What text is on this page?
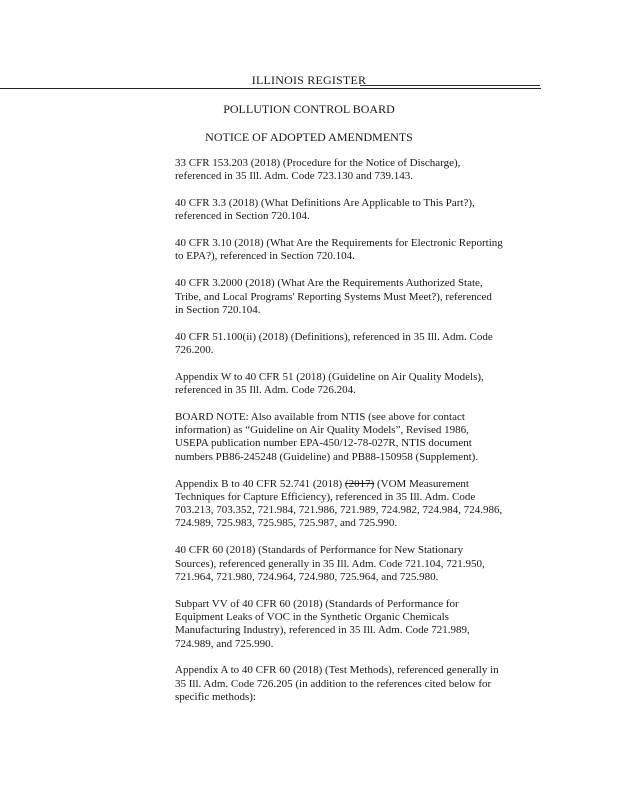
ILLINOIS REGISTER
POLLUTION CONTROL BOARD
NOTICE OF ADOPTED AMENDMENTS

33 CFR 153.203 (2018) (Procedure for the Notice of Discharge),
referenced in 35 Ill. Adm. Code 723.130 and 739.143.

40 CFR 3.3 (2018) (What Definitions Are Applicable to This Part?),
referenced in Section 720.104.

40 CFR 3.10 (2018) (What Are the Requirements for Electronic Reporting
to EPA?), referenced in Section 720.104.

40 CFR 3.2000 (2018) (What Are the Requirements Authorized State,
Tribe, and Local Programs' Reporting Systems Must Meet?), referenced
in Section 720.104.

40 CFR 51.100(ii) (2018) (Definitions), referenced in 35 Ill. Adm. Code
726.200.

Appendix W to 40 CFR 51 (2018) (Guideline on Air Quality Models),
referenced in 35 Ill. Adm. Code 726.204.

BOARD NOTE: Also available from NTIS (see above for contact
information) as “Guideline on Air Quality Models”, Revised 1986,
USEPA publication number EPA-450/12-78-027R, NTIS document
numbers PB86-245248 (Guideline) and PB88-150958 (Supplement).

Appendix B to 40 CFR 52.741 (2018) (2017) (VOM Measurement
Techniques for Capture Efficiency), referenced in 35 Ill. Adm. Code
703.213, 703.352, 721.984, 721.986, 721.989, 724.982, 724.984, 724.986,
724.989, 725.983, 725.985, 725.987, and 725.990.

40 CFR 60 (2018) (Standards of Performance for New Stationary
Sources), referenced generally in 35 Ill. Adm. Code 721.104, 721.950,
721.964, 721.980, 724.964, 724.980, 725.964, and 725.980.

Subpart VV of 40 CFR 60 (2018) (Standards of Performance for
Equipment Leaks of VOC in the Synthetic Organic Chemicals
Manufacturing Industry), referenced in 35 Ill. Adm. Code 721.989,
724.989, and 725.990.

Appendix A to 40 CFR 60 (2018) (Test Methods), referenced generally in
35 Ill. Adm. Code 726.205 (in addition to the references cited below for
specific methods):
